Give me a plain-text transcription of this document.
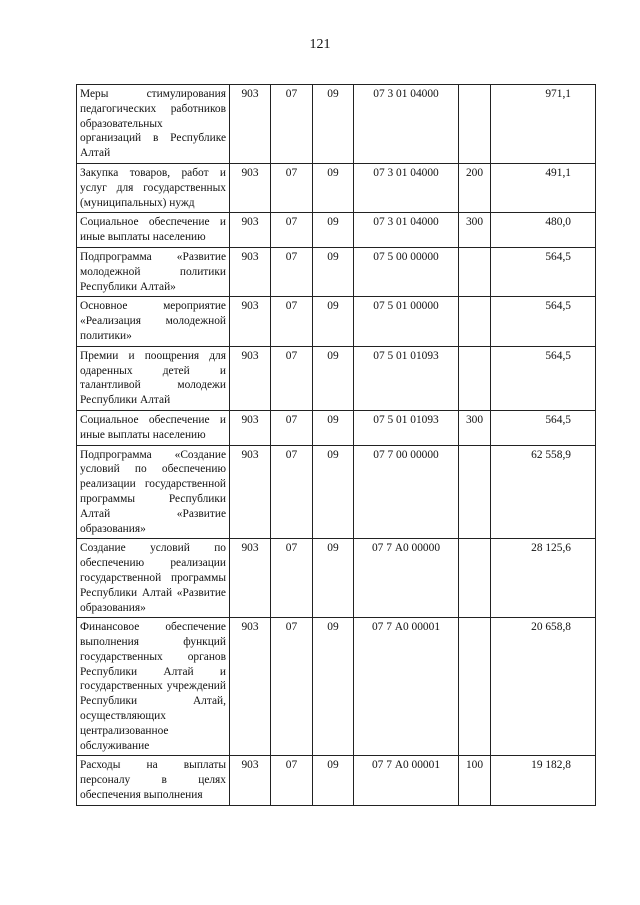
121
Меры стимулирования педагогических работников образовательных организаций в Республике Алтай	903	07	09	07 3 01 04000		971,1
Закупка товаров, работ и услуг для государственных (муниципальных) нужд	903	07	09	07 3 01 04000	200	491,1
Социальное обеспечение и иные выплаты населению	903	07	09	07 3 01 04000	300	480,0
Подпрограмма «Развитие молодежной политики Республики Алтай»	903	07	09	07 5 00 00000		564,5
Основное мероприятие «Реализация молодежной политики»	903	07	09	07 5 01 00000		564,5
Премии и поощрения для одаренных детей и талантливой молодежи Республики Алтай	903	07	09	07 5 01 01093		564,5
Социальное обеспечение и иные выплаты населению	903	07	09	07 5 01 01093	300	564,5
Подпрограмма «Создание условий по обеспечению реализации государственной программы Республики Алтай «Развитие образования»	903	07	09	07 7 00 00000		62 558,9
Создание условий по обеспечению реализации государственной программы Республики Алтай «Развитие образования»	903	07	09	07 7 А0 00000		28 125,6
Финансовое обеспечение выполнения функций государственных органов Республики Алтай и государственных учреждений Республики Алтай, осуществляющих централизованное обслуживание	903	07	09	07 7 А0 00001		20 658,8
Расходы на выплаты персоналу в целях обеспечения выполнения	903	07	09	07 7 А0 00001	100	19 182,8
